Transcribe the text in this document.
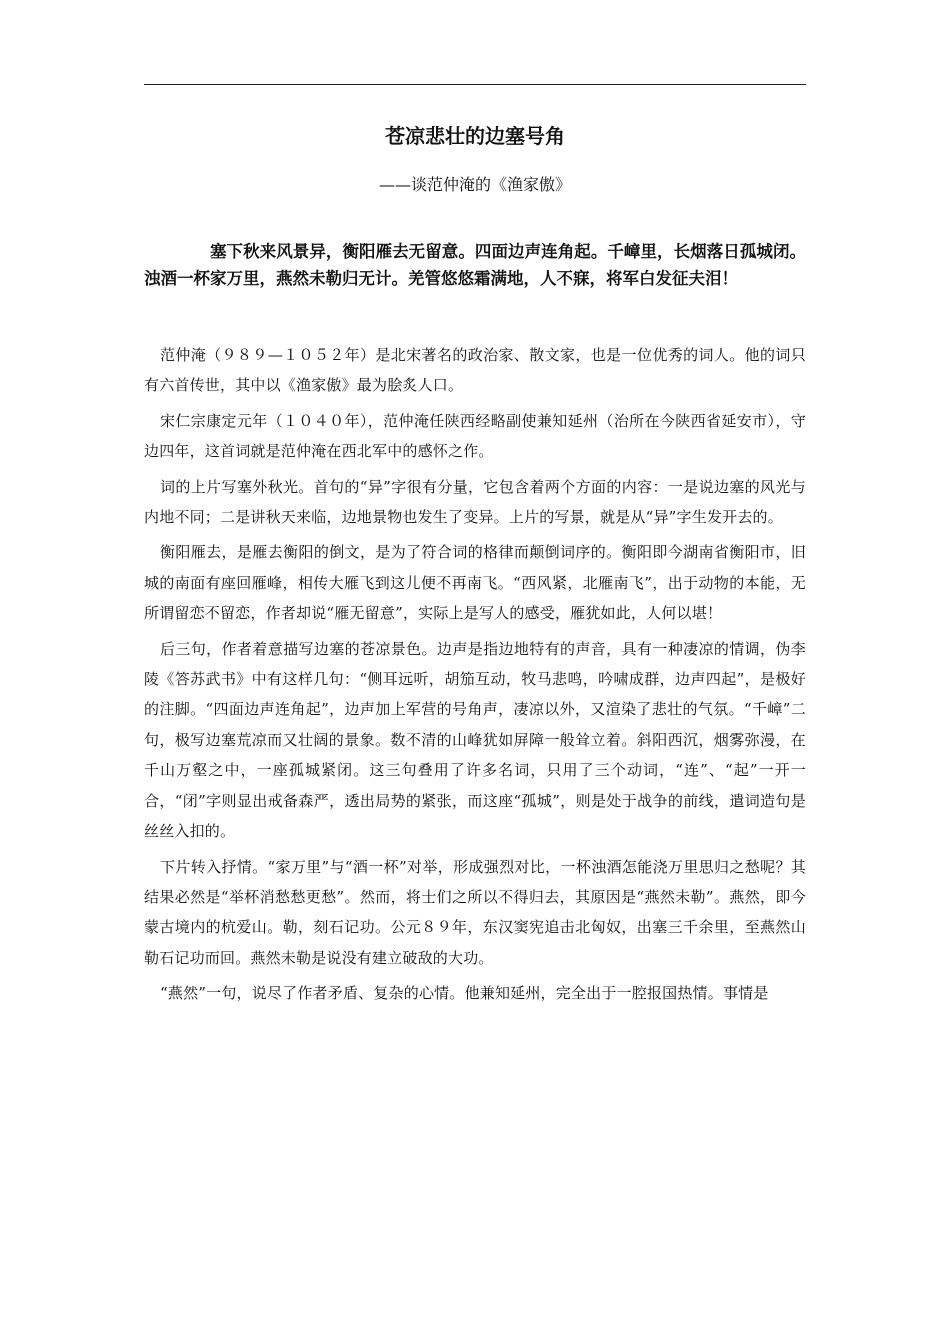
苍凉悲壮的边塞号角

——谈范仲淹的《渔家傲》

塞下秋来风景异，衡阳雁去无留意。四面边声连角起。千嶂里，长烟落日孤城闭。 浊酒一杯家万里，燕然未勒归无计。羌管悠悠霜满地，人不寐，将军白发征夫泪！

范仲淹（９８９—１０５２年）是北宋著名的政治家、散文家，也是一位优秀的词人。他的词只有六首传世，其中以《渔家傲》最为脍炙人口。

宋仁宗康定元年（１０４０年），范仲淹任陕西经略副使兼知延州（治所在今陕西省延安市），守边四年，这首词就是范仲淹在西北军中的感怀之作。

词的上片写塞外秋光。首句的“异”字很有分量，它包含着两个方面的内容：一是说边塞的风光与内地不同；二是讲秋天来临，边地景物也发生了变异。上片的写景，就是从“异”字生发开去的。

衡阳雁去，是雁去衡阳的倒文，是为了符合词的格律而颠倒词序的。衡阳即今湖南省衡阳市，旧城的南面有座回雁峰，相传大雁飞到这儿便不再南飞。“西风紧，北雁南飞”，出于动物的本能，无所谓留恋不留恋，作者却说“雁无留意”，实际上是写人的感受，雁犹如此，人何以堪！

后三句，作者着意描写边塞的苍凉景色。边声是指边地特有的声音，具有一种凄凉的情调，伪李陵《答苏武书》中有这样几句：“侧耳远听，胡笳互动，牧马悲鸣，吟啸成群，边声四起”，是极好的注脚。“四面边声连角起”，边声加上军营的号角声，凄凉以外，又渲染了悲壮的气氛。“千嶂”二句，极写边塞荒凉而又壮阔的景象。数不清的山峰犹如屏障一般耸立着。斜阳西沉，烟雾弥漫，在千山万壑之中，一座孤城紧闭。这三句叠用了许多名词，只用了三个动词，“连”、“起”一开一合，“闭”字则显出戒备森严，透出局势的紧张，而这座“孤城”，则是处于战争的前线，遣词造句是丝丝入扣的。

下片转入抒情。“家万里”与“酒一杯”对举，形成强烈对比，一杯浊酒怎能浇万里思归之愁呢？其结果必然是“举杯消愁愁更愁”。然而，将士们之所以不得归去，其原因是“燕然未勒”。燕然，即今蒙古境内的杭爱山。勒，刻石记功。公元８９年，东汉窦宪追击北匈奴，出塞三千余里，至燕然山勒石记功而回。燕然未勒是说没有建立破敌的大功。

“燕然”一句，说尽了作者矛盾、复杂的心情。他兼知延州，完全出于一腔报国热情。事情是
